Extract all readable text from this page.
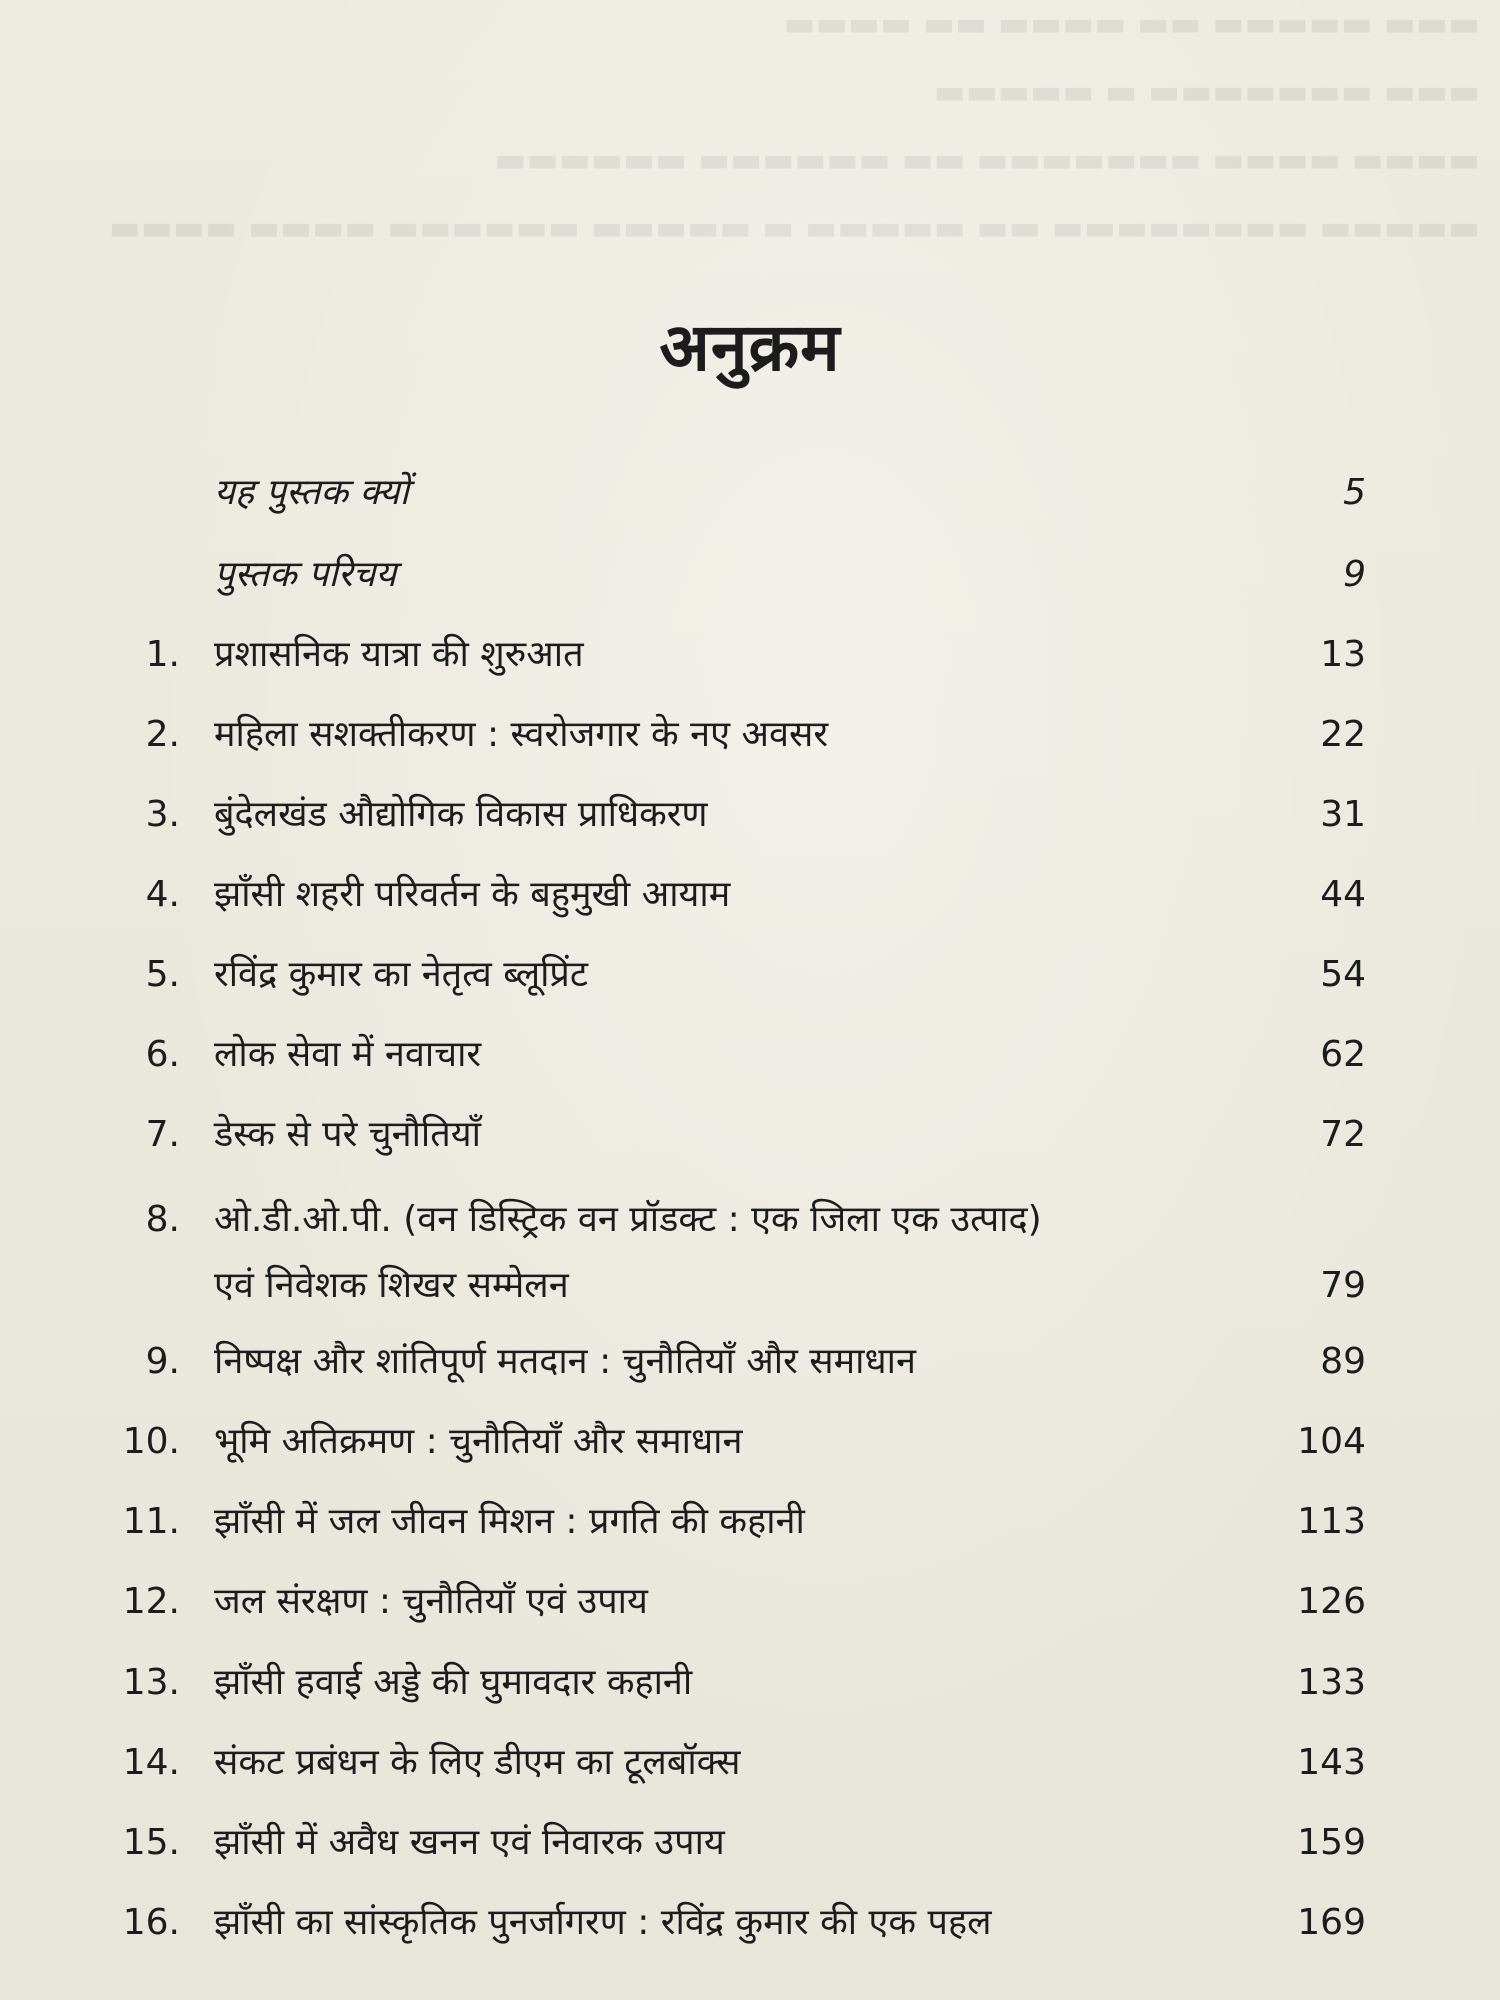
▬▬▬ ▬▬▬▬▬ ▬▬ ▬▬▬▬ ▬▬ ▬▬▬▬
▬▬▬ ▬▬▬▬▬▬▬ ▬ ▬▬▬▬▬
▬▬▬▬ ▬▬▬▬ ▬▬▬▬▬▬▬ ▬▬ ▬▬▬▬▬▬ ▬▬▬▬▬▬
▬▬▬▬▬ ▬▬▬▬▬▬▬▬ ▬▬ ▬▬▬▬▬ ▬ ▬▬▬▬▬ ▬▬▬▬▬▬ ▬▬▬▬ ▬▬▬▬
अनुक्रम
यह पुस्तक क्यों	5
पुस्तक परिचय	9
1. प्रशासनिक यात्रा की शुरुआत	13
2. महिला सशक्तीकरण : स्वरोजगार के नए अवसर	22
3. बुंदेलखंड औद्योगिक विकास प्राधिकरण	31
4. झाँसी शहरी परिवर्तन के बहुमुखी आयाम	44
5. रविंद्र कुमार का नेतृत्व ब्लूप्रिंट	54
6. लोक सेवा में नवाचार	62
7. डेस्क से परे चुनौतियाँ	72
8. ओ.डी.ओ.पी. (वन डिस्ट्रिक वन प्रॉडक्ट : एक जिला एक उत्पाद)
एवं निवेशक शिखर सम्मेलन	79
9. निष्पक्ष और शांतिपूर्ण मतदान : चुनौतियाँ और समाधान	89
10. भूमि अतिक्रमण : चुनौतियाँ और समाधान	104
11. झाँसी में जल जीवन मिशन : प्रगति की कहानी	113
12. जल संरक्षण : चुनौतियाँ एवं उपाय	126
13. झाँसी हवाई अड्डे की घुमावदार कहानी	133
14. संकट प्रबंधन के लिए डीएम का टूलबॉक्स	143
15. झाँसी में अवैध खनन एवं निवारक उपाय	159
16. झाँसी का सांस्कृतिक पुनर्जागरण : रविंद्र कुमार की एक पहल	169
